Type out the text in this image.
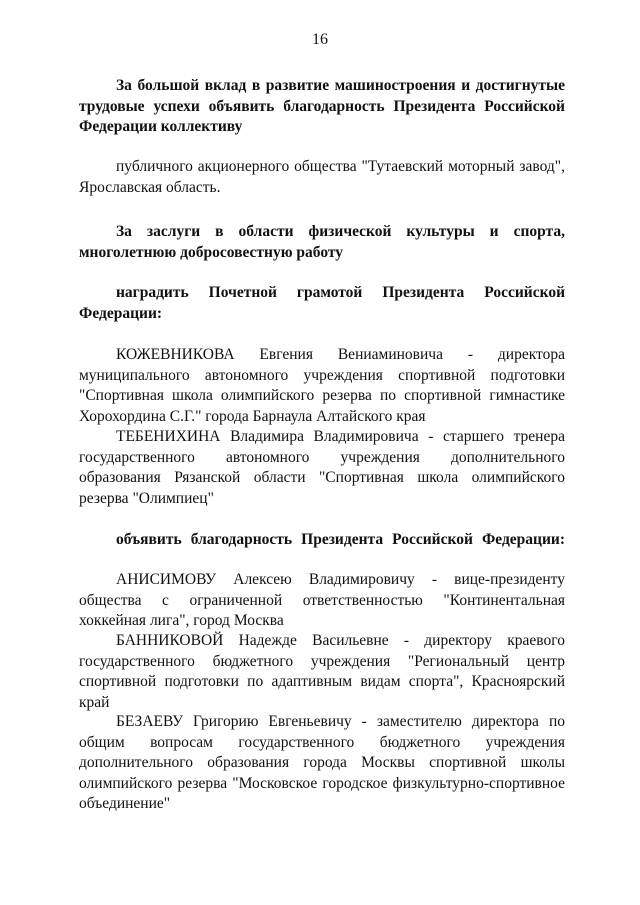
16

За большой вклад в развитие машиностроения и достигнутые трудовые успехи объявить благодарность Президента Российской Федерации коллективу

публичного акционерного общества "Тутаевский моторный завод", Ярославская область.

За заслуги в области физической культуры и спорта, многолетнюю добросовестную работу

наградить Почетной грамотой Президента Российской Федерации:

КОЖЕВНИКОВА Евгения Вениаминовича - директора муниципального автономного учреждения спортивной подготовки "Спортивная школа олимпийского резерва по спортивной гимнастике Хорохордина С.Г." города Барнаула Алтайского края

ТЕБЕНИХИНА Владимира Владимировича - старшего тренера государственного автономного учреждения дополнительного образования Рязанской области "Спортивная школа олимпийского резерва "Олимпиец"

объявить благодарность Президента Российской Федерации:

АНИСИМОВУ Алексею Владимировичу - вице-президенту общества с ограниченной ответственностью "Континентальная хоккейная лига", город Москва

БАННИКОВОЙ Надежде Васильевне - директору краевого государственного бюджетного учреждения "Региональный центр спортивной подготовки по адаптивным видам спорта", Красноярский край

БЕЗАЕВУ Григорию Евгеньевичу - заместителю директора по общим вопросам государственного бюджетного учреждения дополнительного образования города Москвы спортивной школы олимпийского резерва "Московское городское физкультурно-спортивное объединение"
